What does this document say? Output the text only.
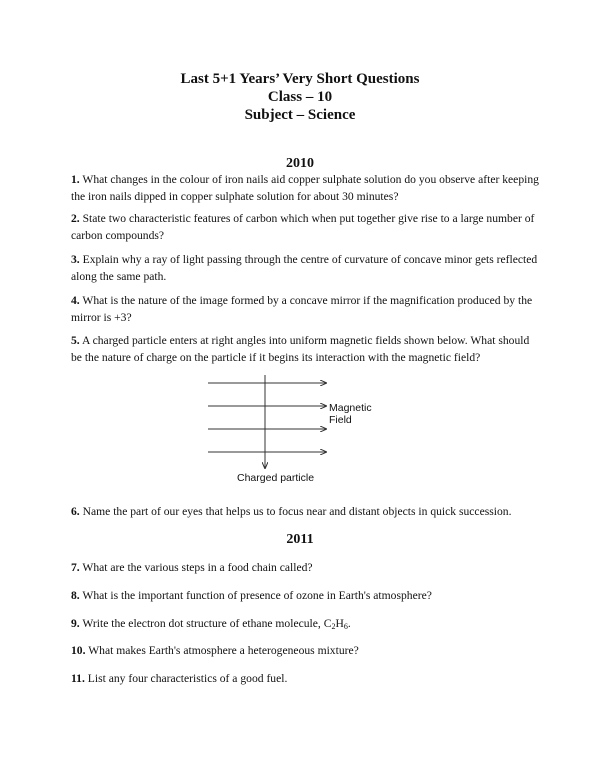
Last 5+1 Years’ Very Short Questions
Class – 10
Subject – Science
2010
1. What changes in the colour of iron nails aid copper sulphate solution do you observe after keeping the iron nails dipped in copper sulphate solution for about 30 minutes?
2. State two characteristic features of carbon which when put together give rise to a large number of carbon compounds?
3. Explain why a ray of light passing through the centre of curvature of concave minor gets reflected along the same path.
4. What is the nature of the image formed by a concave mirror if the magnification produced by the mirror is +3?
5. A charged particle enters at right angles into uniform magnetic fields shown below. What should be the nature of charge on the particle if it begins its interaction with the magnetic field?
Magnetic Field
Charged particle
6. Name the part of our eyes that helps us to focus near and distant objects in quick succession.
2011
7. What are the various steps in a food chain called?
8. What is the important function of presence of ozone in Earth's atmosphere?
9. Write the electron dot structure of ethane molecule, $C_2H_6$.
10. What makes Earth's atmosphere a heterogeneous mixture?
11. List any four characteristics of a good fuel.
